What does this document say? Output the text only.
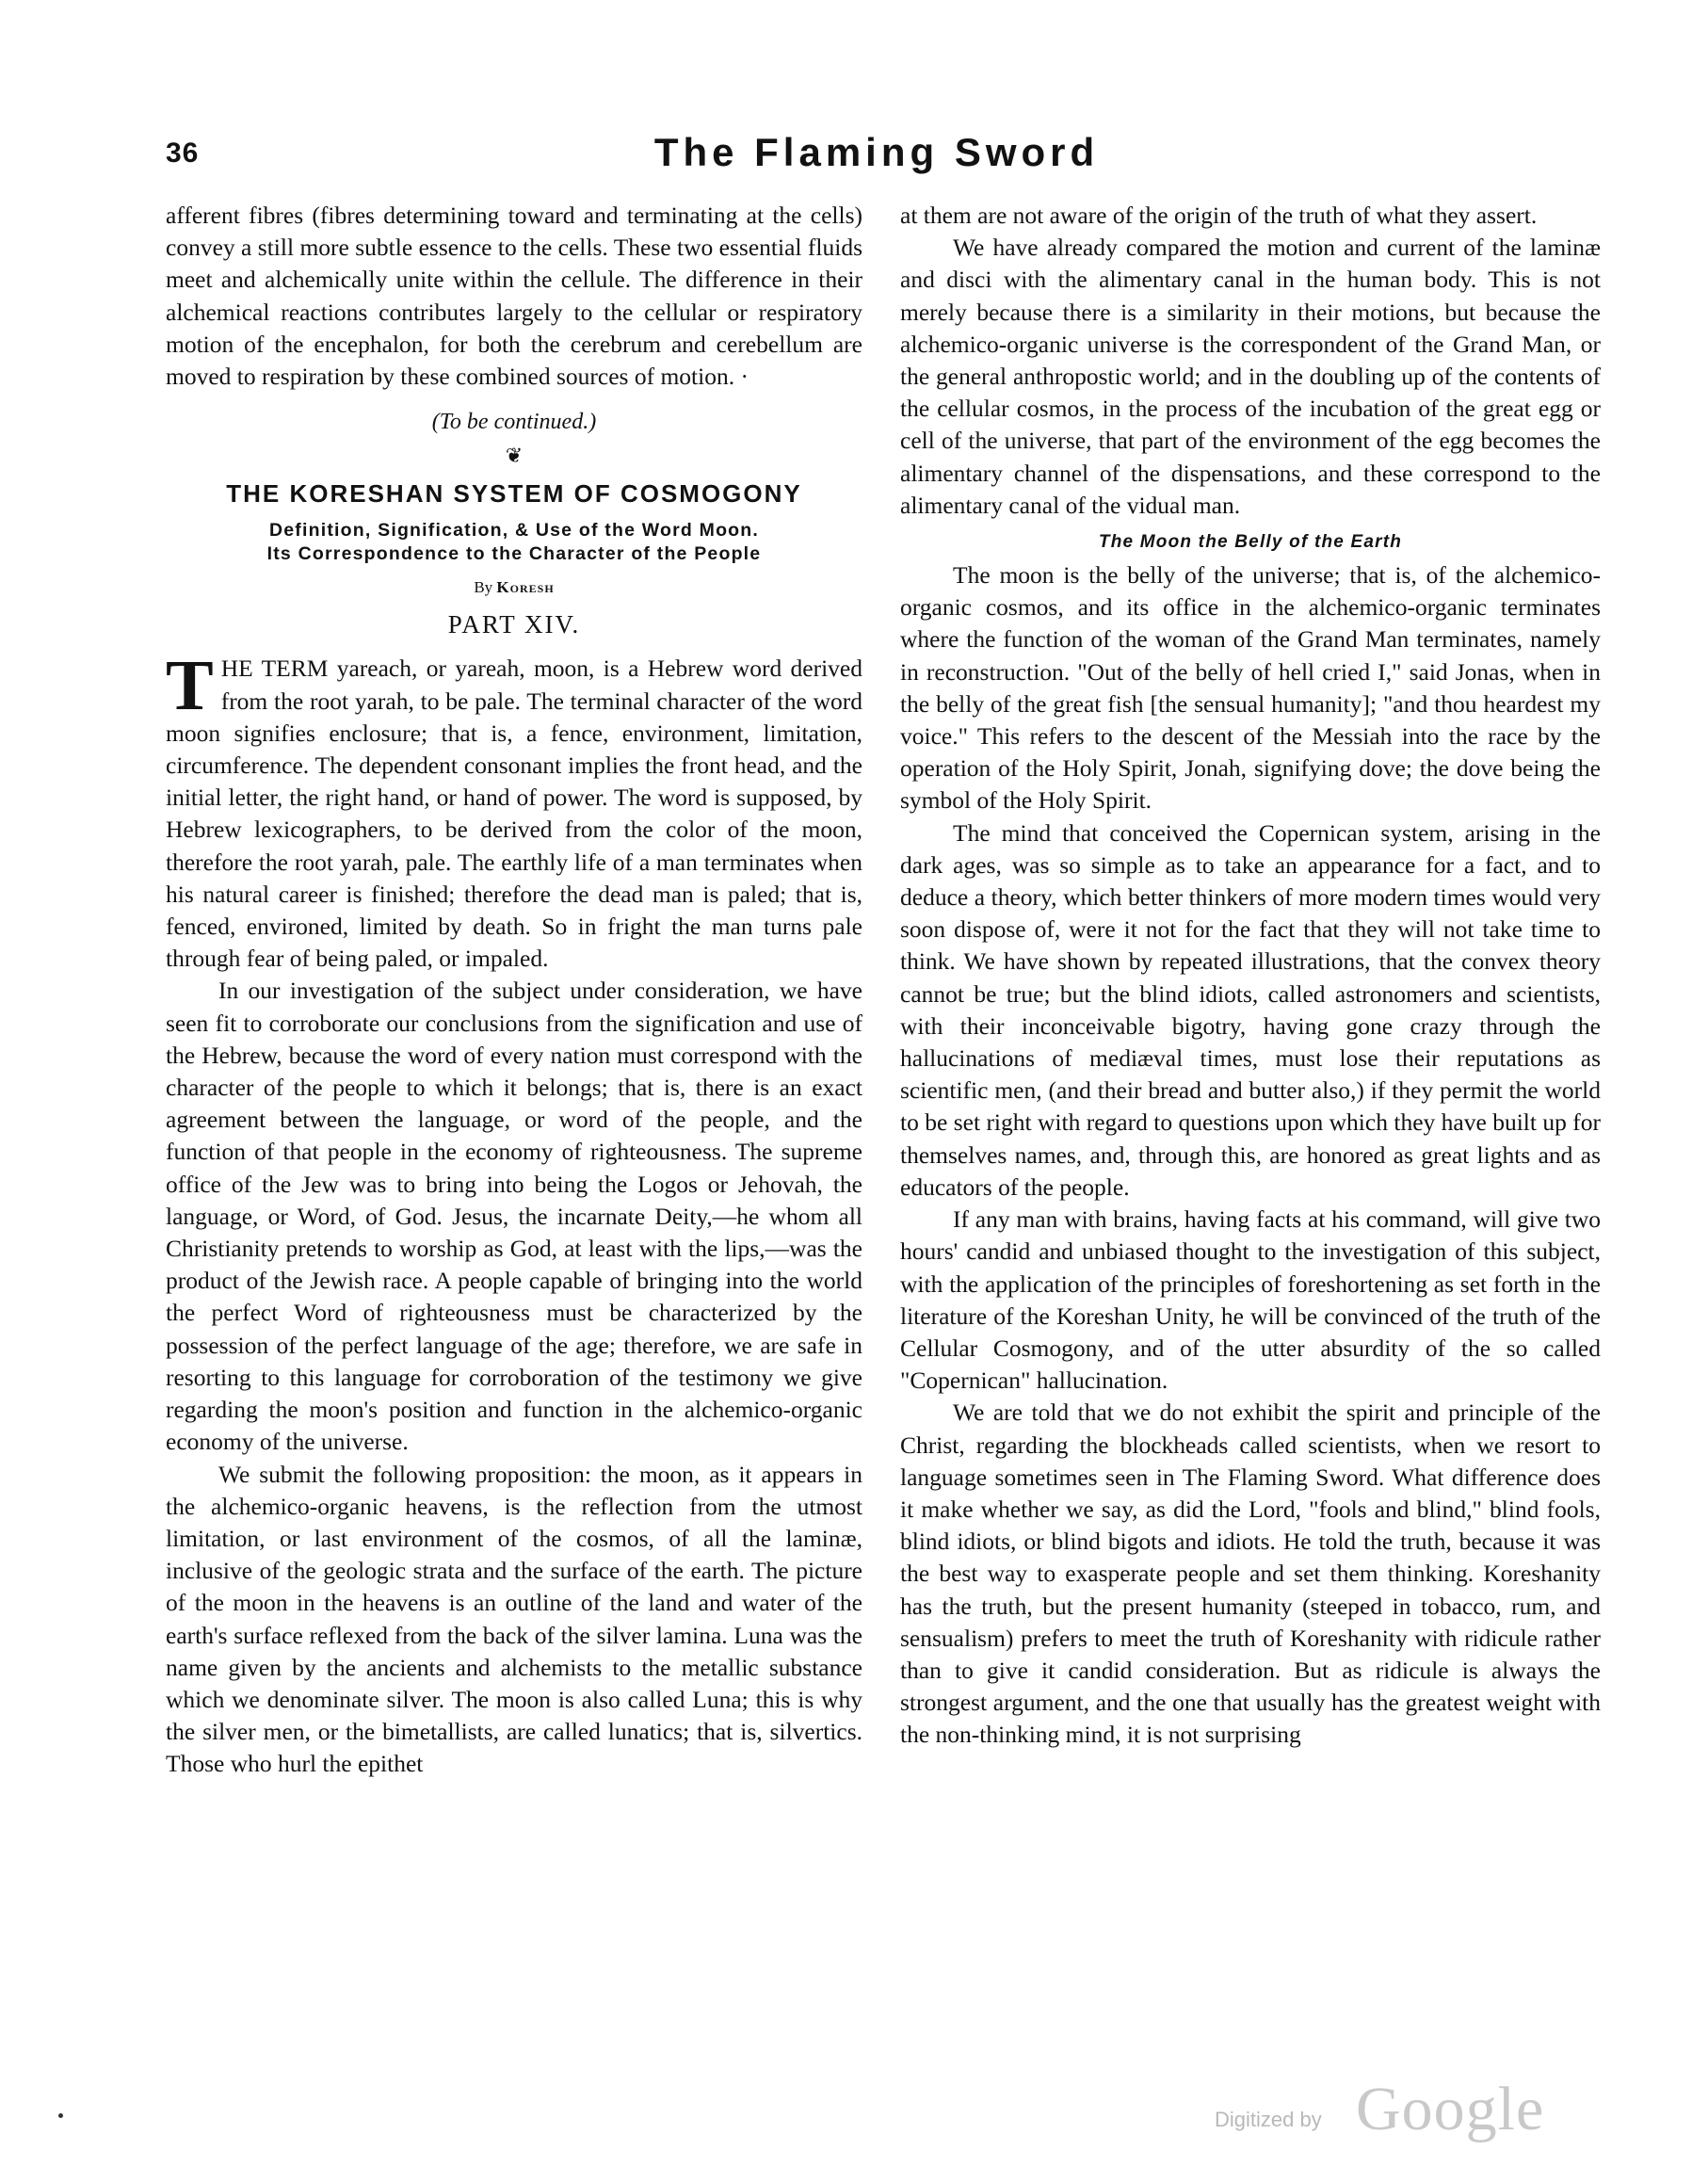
36	The Flaming Sword

afferent fibres (fibres determining toward and terminating at the cells) convey a still more subtle essence to the cells. These two essential fluids meet and alchemically unite within the cellule. The difference in their alchemical reactions contributes largely to the cellular or respiratory motion of the encephalon, for both the cerebrum and cerebellum are moved to respiration by these combined sources of motion. ·

(To be continued.)
❦
THE KORESHAN SYSTEM OF COSMOGONY
Definition, Signification, & Use of the Word Moon.
Its Correspondence to the Character of the People
By Koresh
PART XIV.

THE TERM yareach, or yareah, moon, is a Hebrew word derived from the root yarah, to be pale. The terminal character of the word moon signifies enclosure; that is, a fence, environment, limitation, circumference. The dependent consonant implies the front head, and the initial letter, the right hand, or hand of power. The word is supposed, by Hebrew lexicographers, to be derived from the color of the moon, therefore the root yarah, pale. The earthly life of a man terminates when his natural career is finished; therefore the dead man is paled; that is, fenced, environed, limited by death. So in fright the man turns pale through fear of being paled, or impaled.

In our investigation of the subject under consideration, we have seen fit to corroborate our conclusions from the signification and use of the Hebrew, because the word of every nation must correspond with the character of the people to which it belongs; that is, there is an exact agreement between the language, or word of the people, and the function of that people in the economy of righteousness. The supreme office of the Jew was to bring into being the Logos or Jehovah, the language, or Word, of God. Jesus, the incarnate Deity,—he whom all Christianity pretends to worship as God, at least with the lips,—was the product of the Jewish race. A people capable of bringing into the world the perfect Word of righteousness must be characterized by the possession of the perfect language of the age; therefore, we are safe in resorting to this language for corroboration of the testimony we give regarding the moon's position and function in the alchemico-organic economy of the universe.

We submit the following proposition: the moon, as it appears in the alchemico-organic heavens, is the reflection from the utmost limitation, or last environment of the cosmos, of all the laminæ, inclusive of the geologic strata and the surface of the earth. The picture of the moon in the heavens is an outline of the land and water of the earth's surface reflexed from the back of the silver lamina. Luna was the name given by the ancients and alchemists to the metallic substance which we denominate silver. The moon is also called Luna; this is why the silver men, or the bimetallists, are called lunatics; that is, silvertics. Those who hurl the epithet

at them are not aware of the origin of the truth of what they assert.

We have already compared the motion and current of the laminæ and disci with the alimentary canal in the human body. This is not merely because there is a similarity in their motions, but because the alchemico-organic universe is the correspondent of the Grand Man, or the general anthropostic world; and in the doubling up of the contents of the cellular cosmos, in the process of the incubation of the great egg or cell of the universe, that part of the environment of the egg becomes the alimentary channel of the dispensations, and these correspond to the alimentary canal of the vidual man.

The Moon the Belly of the Earth

The moon is the belly of the universe; that is, of the alchemico-organic cosmos, and its office in the alchemico-organic terminates where the function of the woman of the Grand Man terminates, namely in reconstruction. "Out of the belly of hell cried I," said Jonas, when in the belly of the great fish [the sensual humanity]; "and thou heardest my voice." This refers to the descent of the Messiah into the race by the operation of the Holy Spirit, Jonah, signifying dove; the dove being the symbol of the Holy Spirit.

The mind that conceived the Copernican system, arising in the dark ages, was so simple as to take an appearance for a fact, and to deduce a theory, which better thinkers of more modern times would very soon dispose of, were it not for the fact that they will not take time to think. We have shown by repeated illustrations, that the convex theory cannot be true; but the blind idiots, called astronomers and scientists, with their inconceivable bigotry, having gone crazy through the hallucinations of mediæval times, must lose their reputations as scientific men, (and their bread and butter also,) if they permit the world to be set right with regard to questions upon which they have built up for themselves names, and, through this, are honored as great lights and as educators of the people.

If any man with brains, having facts at his command, will give two hours' candid and unbiased thought to the investigation of this subject, with the application of the principles of foreshortening as set forth in the literature of the Koreshan Unity, he will be convinced of the truth of the Cellular Cosmogony, and of the utter absurdity of the so called "Copernican" hallucination.

We are told that we do not exhibit the spirit and principle of the Christ, regarding the blockheads called scientists, when we resort to language sometimes seen in The Flaming Sword. What difference does it make whether we say, as did the Lord, "fools and blind," blind fools, blind idiots, or blind bigots and idiots. He told the truth, because it was the best way to exasperate people and set them thinking. Koreshanity has the truth, but the present humanity (steeped in tobacco, rum, and sensualism) prefers to meet the truth of Koreshanity with ridicule rather than to give it candid consideration. But as ridicule is always the strongest argument, and the one that usually has the greatest weight with the non-thinking mind, it is not surprising

Digitized by Google
